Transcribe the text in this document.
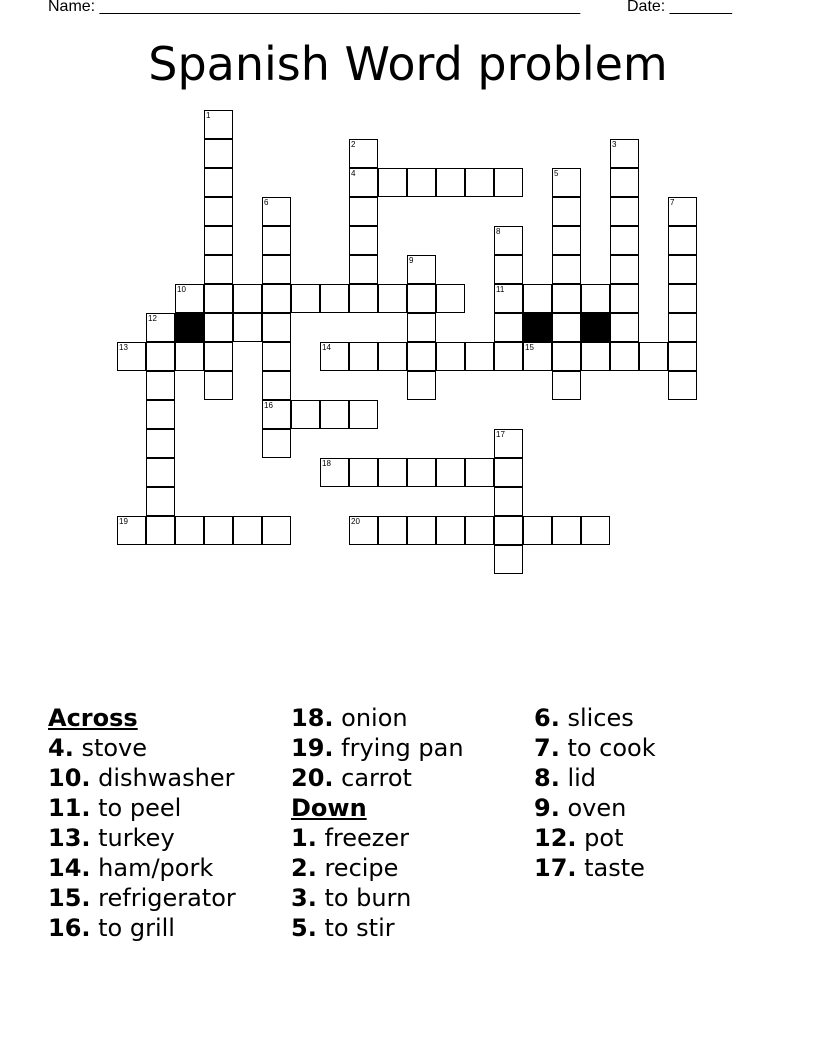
Name: ______________________________________________________	Date: _______
Spanish Word problem
1
2	3
4	5
6	7
8
9
10	11
12
13	14	15
16
17
18
19	20
Across
4. stove
10. dishwasher
11. to peel
13. turkey
14. ham/pork
15. refrigerator
16. to grill
18. onion
19. frying pan
20. carrot
Down
1. freezer
2. recipe
3. to burn
5. to stir
6. slices
7. to cook
8. lid
9. oven
12. pot
17. taste
